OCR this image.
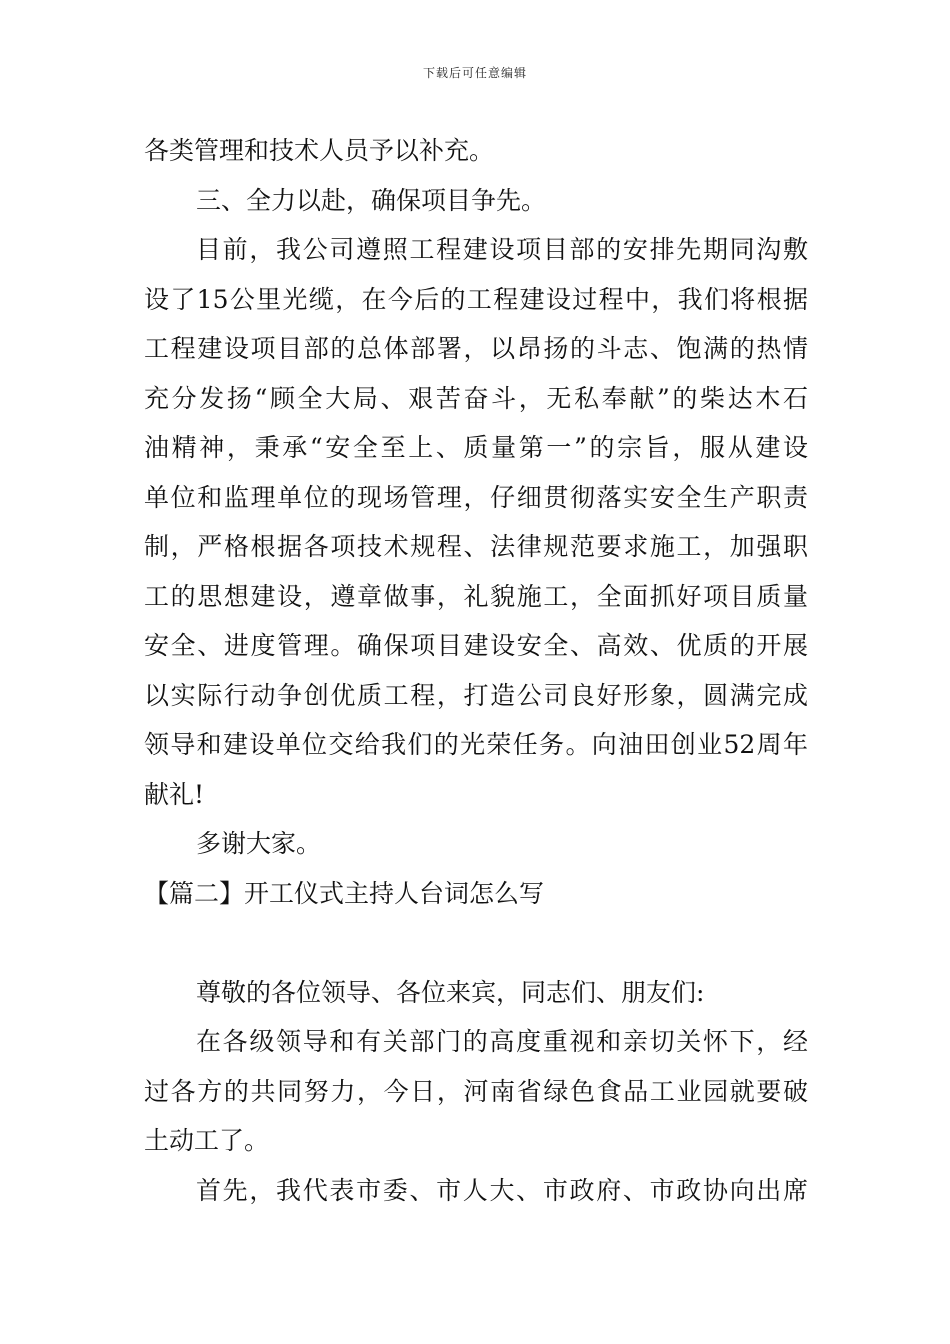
下载后可任意编辑
各类管理和技术人员予以补充。
三、全力以赴，确保项目争先。
目前，我公司遵照工程建设项目部的安排先期同沟敷
设了15公里光缆，在今后的工程建设过程中，我们将根据
工程建设项目部的总体部署，以昂扬的斗志、饱满的热情
充分发扬“顾全大局、艰苦奋斗，无私奉献”的柴达木石
油精神，秉承“安全至上、质量第一”的宗旨，服从建设
单位和监理单位的现场管理，仔细贯彻落实安全生产职责
制，严格根据各项技术规程、法律规范要求施工，加强职
工的思想建设，遵章做事，礼貌施工，全面抓好项目质量
安全、进度管理。确保项目建设安全、高效、优质的开展
以实际行动争创优质工程，打造公司良好形象，圆满完成
领导和建设单位交给我们的光荣任务。向油田创业52周年
献礼!
多谢大家。
【篇二】开工仪式主持人台词怎么写
尊敬的各位领导、各位来宾，同志们、朋友们:
在各级领导和有关部门的高度重视和亲切关怀下，经
过各方的共同努力，今日，河南省绿色食品工业园就要破
土动工了。
首先，我代表市委、市人大、市政府、市政协向出席
